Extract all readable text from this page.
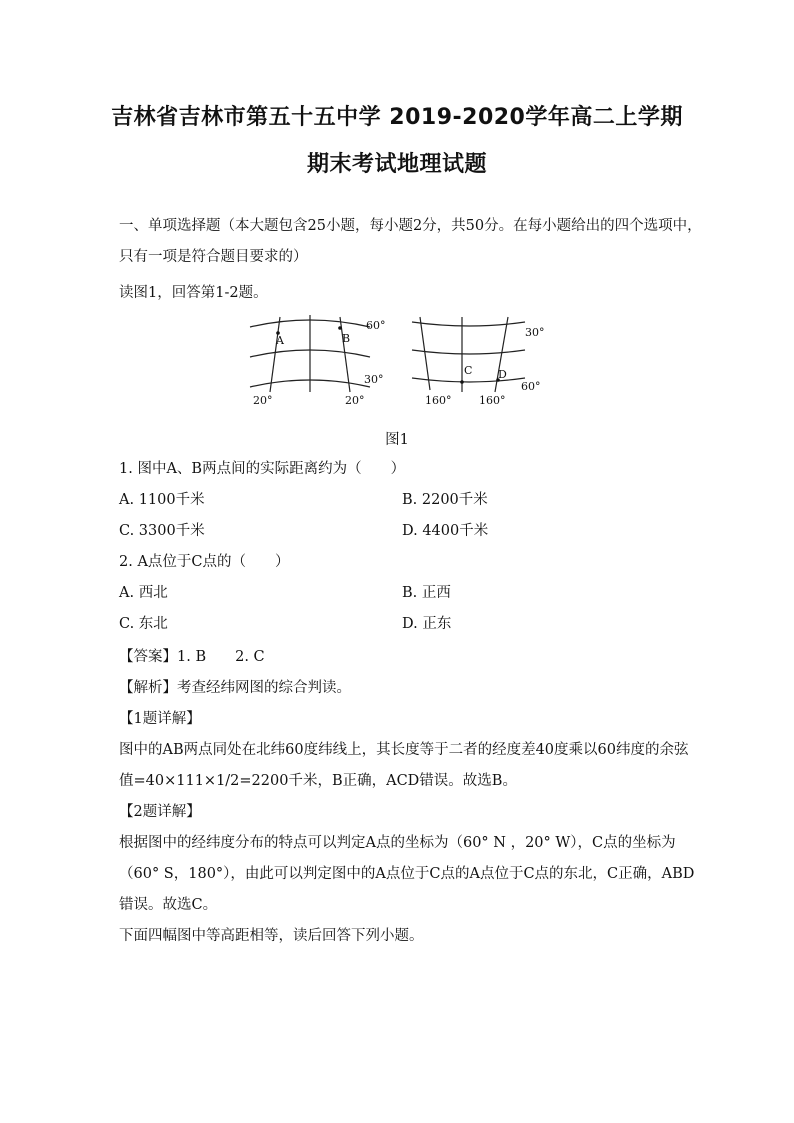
吉林省吉林市第五十五中学 2019-2020学年高二上学期

期末考试地理试题

一、单项选择题（本大题包含25小题，每小题2分，共50分。在每小题给出的四个选项中，

只有一项是符合题目要求的）

读图1，回答第1-2题。

A	B
60°
30°
20°	20°
C D
30°
60°
160°	160°

图1

1. 图中A、B两点间的实际距离约为（　　）

A. 1100千米	B. 2200千米

C. 3300千米	D. 4400千米

2. A点位于C点的（　　）

A. 西北	B. 正西

C. 东北	D. 正东

【答案】1. B　　2. C

【解析】考查经纬网图的综合判读。

【1题详解】

图中的AB两点同处在北纬60度纬线上，其长度等于二者的经度差40度乘以60纬度的余弦

值=40×111×1/2=2200千米，B正确，ACD错误。故选B。

【2题详解】

根据图中的经纬度分布的特点可以判定A点的坐标为（60° N ，20° W），C点的坐标为

（60° S，180°），由此可以判定图中的A点位于C点的A点位于C点的东北，C正确，ABD

错误。故选C。

下面四幅图中等高距相等，读后回答下列小题。
